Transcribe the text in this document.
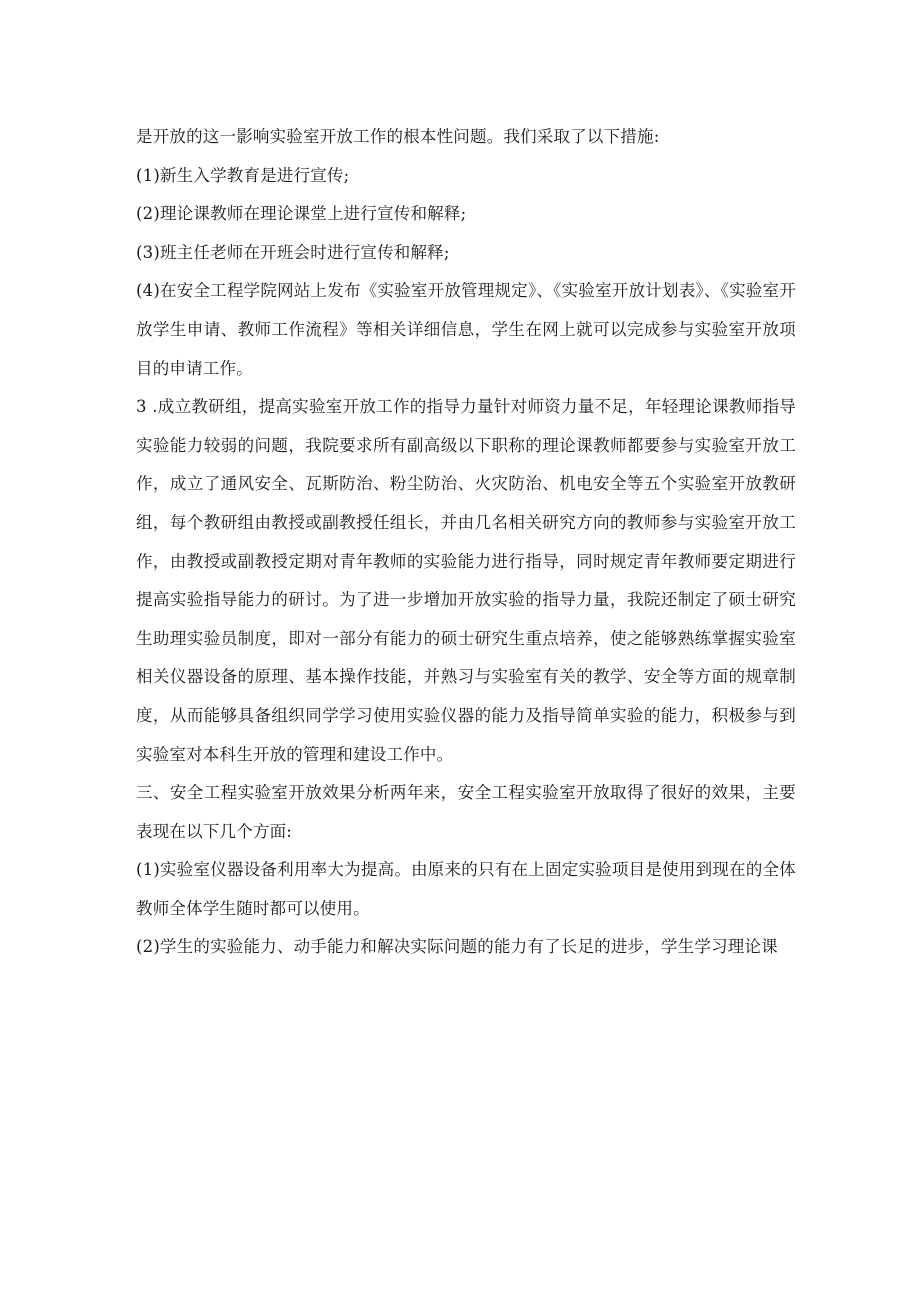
是开放的这一影响实验室开放工作的根本性问题。我们采取了以下措施:

(1)新生入学教育是进行宣传;

(2)理论课教师在理论课堂上进行宣传和解释;

(3)班主任老师在开班会时进行宣传和解释;

(4)在安全工程学院网站上发布《实验室开放管理规定》、《实验室开放计划表》、《实验室开放学生申请、教师工作流程》等相关详细信息，学生在网上就可以完成参与实验室开放项目的申请工作。

3 .成立教研组，提高实验室开放工作的指导力量针对师资力量不足，年轻理论课教师指导实验能力较弱的问题，我院要求所有副高级以下职称的理论课教师都要参与实验室开放工作，成立了通风安全、瓦斯防治、粉尘防治、火灾防治、机电安全等五个实验室开放教研组，每个教研组由教授或副教授任组长，并由几名相关研究方向的教师参与实验室开放工作，由教授或副教授定期对青年教师的实验能力进行指导，同时规定青年教师要定期进行提高实验指导能力的研讨。为了进一步增加开放实验的指导力量，我院还制定了硕士研究生助理实验员制度，即对一部分有能力的硕士研究生重点培养，使之能够熟练掌握实验室相关仪器设备的原理、基本操作技能，并熟习与实验室有关的教学、安全等方面的规章制度，从而能够具备组织同学学习使用实验仪器的能力及指导简单实验的能力，积极参与到实验室对本科生开放的管理和建设工作中。

三、安全工程实验室开放效果分析两年来，安全工程实验室开放取得了很好的效果，主要表现在以下几个方面:

(1)实验室仪器设备利用率大为提高。由原来的只有在上固定实验项目是使用到现在的全体教师全体学生随时都可以使用。

(2)学生的实验能力、动手能力和解决实际问题的能力有了长足的进步，学生学习理论课
